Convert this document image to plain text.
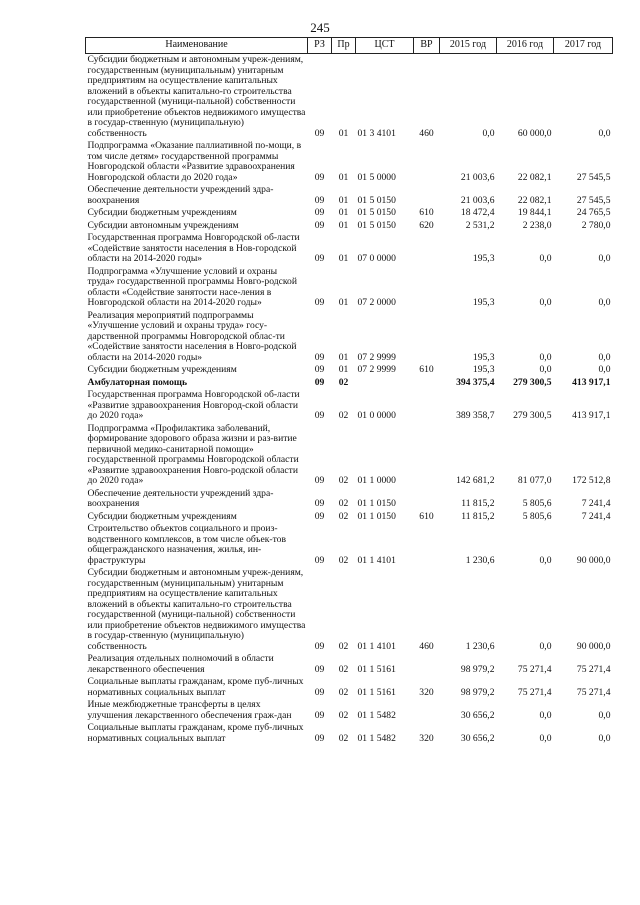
245
Наименование	РЗ	Пр	ЦСТ	ВР	2015 год	2016 год	2017 год
Субсидии бюджетным и автономным учреж-дениям, государственным (муниципальным) унитарным предприятиям на осуществление капитальных вложений в объекты капитально-го строительства государственной (муници-пальной) собственности или приобретение объектов недвижимого имущества в государ-ственную (муниципальную) собственность	09	01	01 3 4101	460	0,0	60 000,0	0,0
Подпрограмма «Оказание паллиативной по-мощи, в том числе детям» государственной программы Новгородской области «Развитие здравоохранения Новгородской области до 2020 года»	09	01	01 5 0000		21 003,6	22 082,1	27 545,5
Обеспечение деятельности учреждений здра-воохранения	09	01	01 5 0150		21 003,6	22 082,1	27 545,5
Субсидии бюджетным учреждениям	09	01	01 5 0150	610	18 472,4	19 844,1	24 765,5
Субсидии автономным учреждениям	09	01	01 5 0150	620	2 531,2	2 238,0	2 780,0
Государственная программа Новгородской об-ласти «Содействие занятости населения в Нов-городской области на 2014-2020 годы»	09	01	07 0 0000		195,3	0,0	0,0
Подпрограмма «Улучшение условий и охраны труда» государственной программы Новго-родской области «Содействие занятости насе-ления в Новгородской области на 2014-2020 годы»	09	01	07 2 0000		195,3	0,0	0,0
Реализация мероприятий подпрограммы «Улучшение условий и охраны труда» госу-дарственной программы Новгородской облас-ти «Содействие занятости населения в Новго-родской области на 2014-2020 годы»	09	01	07 2 9999		195,3	0,0	0,0
Субсидии бюджетным учреждениям	09	01	07 2 9999	610	195,3	0,0	0,0
Амбулаторная помощь	09	02			394 375,4	279 300,5	413 917,1
Государственная программа Новгородской об-ласти «Развитие здравоохранения Новгород-ской области до 2020 года»	09	02	01 0 0000		389 358,7	279 300,5	413 917,1
Подпрограмма «Профилактика заболеваний, формирование здорового образа жизни и раз-витие первичной медико-санитарной помощи» государственной программы Новгородской области «Развитие здравоохранения Новго-родской области до 2020 года»	09	02	01 1 0000		142 681,2	81 077,0	172 512,8
Обеспечение деятельности учреждений здра-воохранения	09	02	01 1 0150		11 815,2	5 805,6	7 241,4
Субсидии бюджетным учреждениям	09	02	01 1 0150	610	11 815,2	5 805,6	7 241,4
Строительство объектов социального и произ-водственного комплексов, в том числе объек-тов общегражданского назначения, жилья, ин-фраструктуры	09	02	01 1 4101		1 230,6	0,0	90 000,0
Субсидии бюджетным и автономным учреж-дениям, государственным (муниципальным) унитарным предприятиям на осуществление капитальных вложений в объекты капитально-го строительства государственной (муници-пальной) собственности или приобретение объектов недвижимого имущества в государ-ственную (муниципальную) собственность	09	02	01 1 4101	460	1 230,6	0,0	90 000,0
Реализация отдельных полномочий в области лекарственного обеспечения	09	02	01 1 5161		98 979,2	75 271,4	75 271,4
Социальные выплаты гражданам, кроме пуб-личных нормативных социальных выплат	09	02	01 1 5161	320	98 979,2	75 271,4	75 271,4
Иные межбюджетные трансферты в целях улучшения лекарственного обеспечения граж-дан	09	02	01 1 5482		30 656,2	0,0	0,0
Социальные выплаты гражданам, кроме пуб-личных нормативных социальных выплат	09	02	01 1 5482	320	30 656,2	0,0	0,0
